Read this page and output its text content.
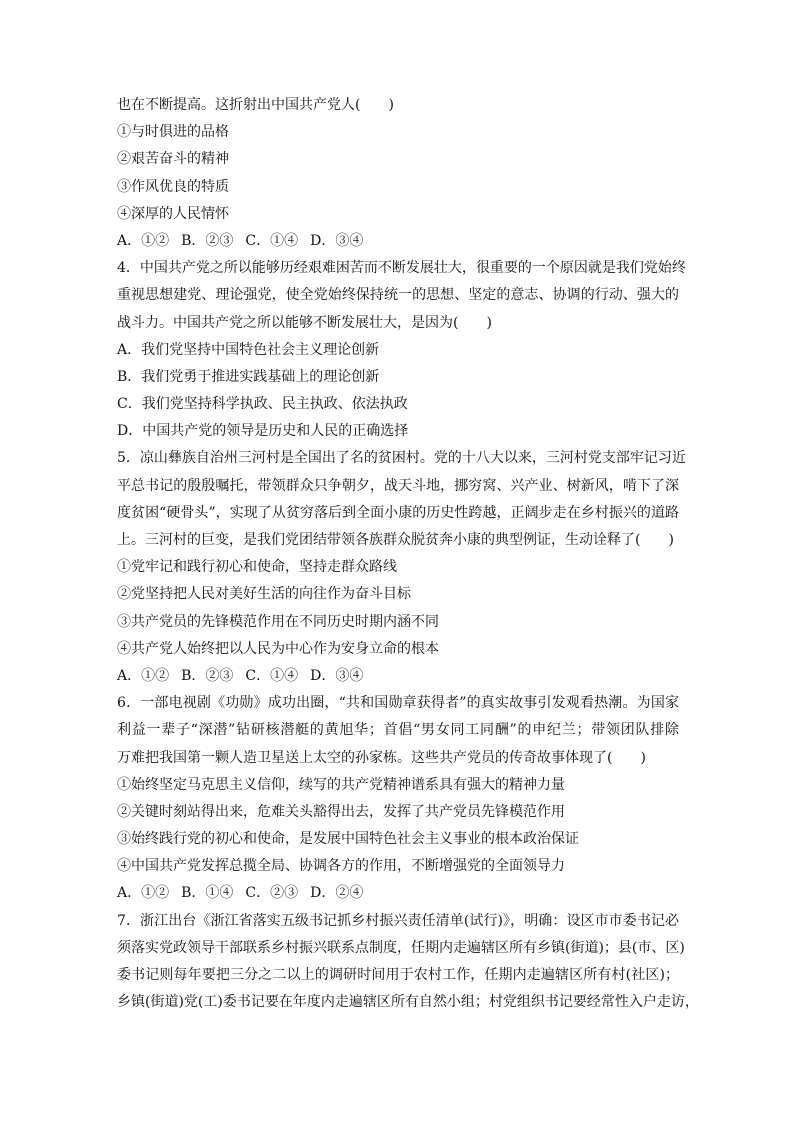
也在不断提高。这折射出中国共产党人(　　)
①与时俱进的品格
②艰苦奋斗的精神
③作风优良的特质
④深厚的人民情怀
A．①② B．②③ C．①④ D．③④
4．中国共产党之所以能够历经艰难困苦而不断发展壮大，很重要的一个原因就是我们党始终
重视思想建党、理论强党，使全党始终保持统一的思想、坚定的意志、协调的行动、强大的
战斗力。中国共产党之所以能够不断发展壮大，是因为(　　)
A．我们党坚持中国特色社会主义理论创新
B．我们党勇于推进实践基础上的理论创新
C．我们党坚持科学执政、民主执政、依法执政
D．中国共产党的领导是历史和人民的正确选择
5．凉山彝族自治州三河村是全国出了名的贫困村。党的十八大以来，三河村党支部牢记习近
平总书记的殷殷嘱托，带领群众只争朝夕，战天斗地，挪穷窝、兴产业、树新风，啃下了深
度贫困“硬骨头”，实现了从贫穷落后到全面小康的历史性跨越，正阔步走在乡村振兴的道路
上。三河村的巨变，是我们党团结带领各族群众脱贫奔小康的典型例证，生动诠释了(　　)
①党牢记和践行初心和使命，坚持走群众路线
②党坚持把人民对美好生活的向往作为奋斗目标
③共产党员的先锋模范作用在不同历史时期内涵不同
④共产党人始终把以人民为中心作为安身立命的根本
A．①② B．②③ C．①④ D．③④
6．一部电视剧《功勋》成功出圈，“共和国勋章获得者”的真实故事引发观看热潮。为国家
利益一辈子“深潜”钻研核潜艇的黄旭华；首倡“男女同工同酬”的申纪兰；带领团队排除
万难把我国第一颗人造卫星送上太空的孙家栋。这些共产党员的传奇故事体现了(　　)
①始终坚定马克思主义信仰，续写的共产党精神谱系具有强大的精神力量
②关键时刻站得出来，危难关头豁得出去，发挥了共产党员先锋模范作用
③始终践行党的初心和使命，是发展中国特色社会主义事业的根本政治保证
④中国共产党发挥总揽全局、协调各方的作用，不断增强党的全面领导力
A．①② B．①④ C．②③ D．②④
7．浙江出台《浙江省落实五级书记抓乡村振兴责任清单(试行)》，明确：设区市市委书记必
须落实党政领导干部联系乡村振兴联系点制度，任期内走遍辖区所有乡镇(街道)；县(市、区)
委书记则每年要把三分之二以上的调研时间用于农村工作，任期内走遍辖区所有村(社区)；
乡镇(街道)党(工)委书记要在年度内走遍辖区所有自然小组；村党组织书记要经常性入户走访，
